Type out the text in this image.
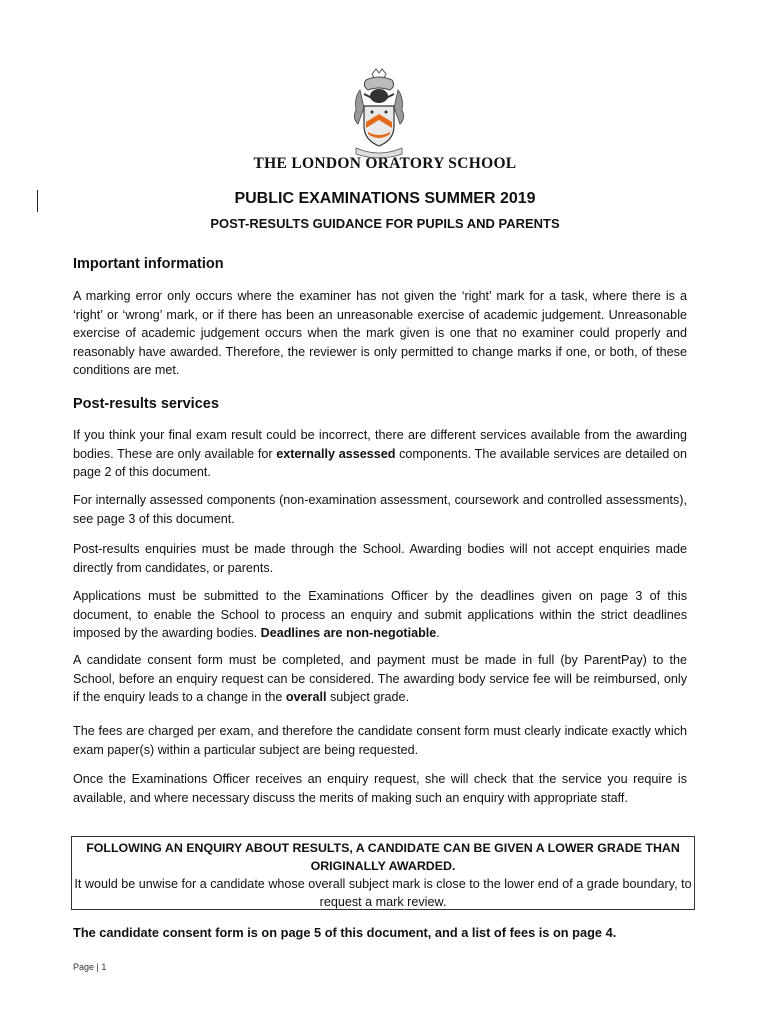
THE LONDON ORATORY SCHOOL
PUBLIC EXAMINATIONS SUMMER 2019
POST-RESULTS GUIDANCE FOR PUPILS AND PARENTS
Important information

A marking error only occurs where the examiner has not given the ‘right’ mark for a task, where there is a ‘right’ or ‘wrong’ mark, or if there has been an unreasonable exercise of academic judgement. Unreasonable exercise of academic judgement occurs when the mark given is one that no examiner could properly and reasonably have awarded. Therefore, the reviewer is only permitted to change marks if one, or both, of these conditions are met.

Post-results services

If you think your final exam result could be incorrect, there are different services available from the awarding bodies. These are only available for externally assessed components. The available services are detailed on page 2 of this document.

For internally assessed components (non-examination assessment, coursework and controlled assessments), see page 3 of this document.

Post-results enquiries must be made through the School. Awarding bodies will not accept enquiries made directly from candidates, or parents.

Applications must be submitted to the Examinations Officer by the deadlines given on page 3 of this document, to enable the School to process an enquiry and submit applications within the strict deadlines imposed by the awarding bodies. Deadlines are non-negotiable.

A candidate consent form must be completed, and payment must be made in full (by ParentPay) to the School, before an enquiry request can be considered. The awarding body service fee will be reimbursed, only if the enquiry leads to a change in the overall subject grade.

The fees are charged per exam, and therefore the candidate consent form must clearly indicate exactly which exam paper(s) within a particular subject are being requested.

Once the Examinations Officer receives an enquiry request, she will check that the service you require is available, and where necessary discuss the merits of making such an enquiry with appropriate staff.

FOLLOWING AN ENQUIRY ABOUT RESULTS, A CANDIDATE CAN BE GIVEN A LOWER GRADE THAN ORIGINALLY AWARDED.
It would be unwise for a candidate whose overall subject mark is close to the lower end of a grade boundary, to request a mark review.
The candidate consent form is on page 5 of this document, and a list of fees is on page 4.
Page | 1
